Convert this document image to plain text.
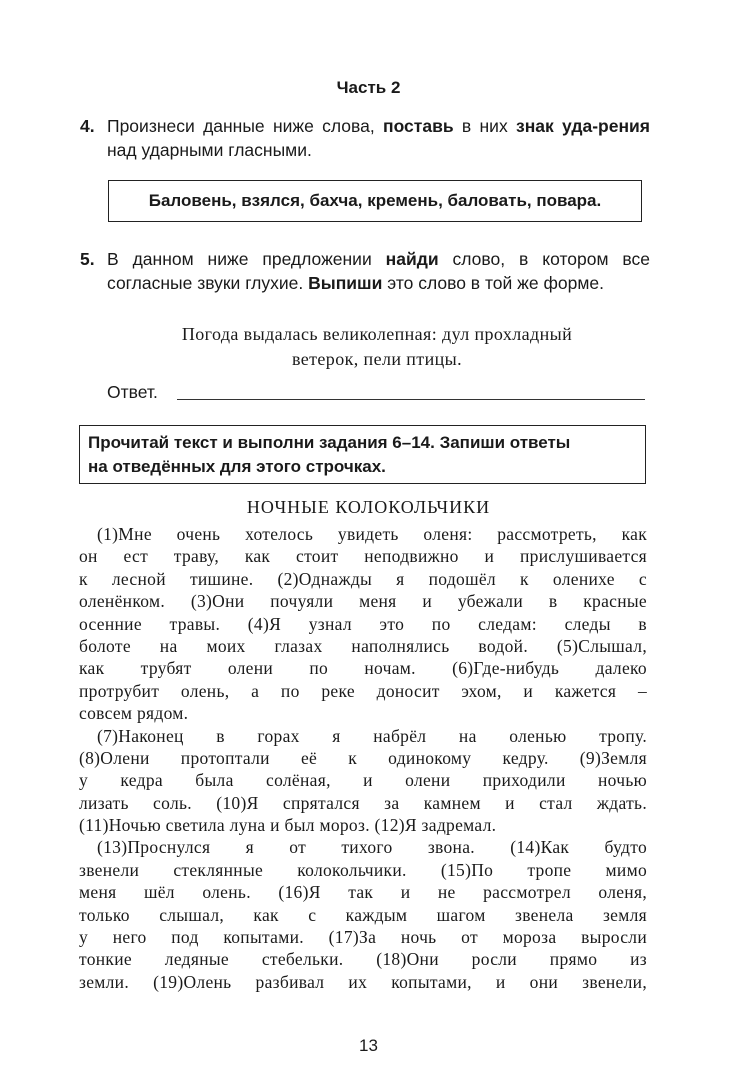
Часть 2
4. Произнеси данные ниже слова, поставь в них знак уда-рения над ударными гласными.
Баловень, взялся, бахча, кремень, баловать, повара.
5. В данном ниже предложении найди слово, в котором все согласные звуки глухие. Выпиши это слово в той же форме.
Погода выдалась великолепная: дул прохладный
ветерок, пели птицы.
Ответ.
Прочитай текст и выполни задания 6–14. Запиши ответы
на отведённых для этого строчках.
НОЧНЫЕ КОЛОКОЛЬЧИКИ
(1)Мне очень хотелось увидеть оленя: рассмотреть, как
он ест траву, как стоит неподвижно и прислушивается
к лесной тишине. (2)Однажды я подошёл к оленихе с
оленёнком. (3)Они почуяли меня и убежали в красные
осенние травы. (4)Я узнал это по следам: следы в
болоте на моих глазах наполнялись водой. (5)Слышал,
как трубят олени по ночам. (6)Где-нибудь далеко
протрубит олень, а по реке доносит эхом, и кажется –
совсем рядом.
(7)Наконец в горах я набрёл на оленью тропу.
(8)Олени протоптали её к одинокому кедру. (9)Земля
у кедра была солёная, и олени приходили ночью
лизать соль. (10)Я спрятался за камнем и стал ждать.
(11)Ночью светила луна и был мороз. (12)Я задремал.
(13)Проснулся я от тихого звона. (14)Как будто
звенели стеклянные колокольчики. (15)По тропе мимо
меня шёл олень. (16)Я так и не рассмотрел оленя,
только слышал, как с каждым шагом звенела земля
у него под копытами. (17)За ночь от мороза выросли
тонкие ледяные стебельки. (18)Они росли прямо из
земли. (19)Олень разбивал их копытами, и они звенели,
13
